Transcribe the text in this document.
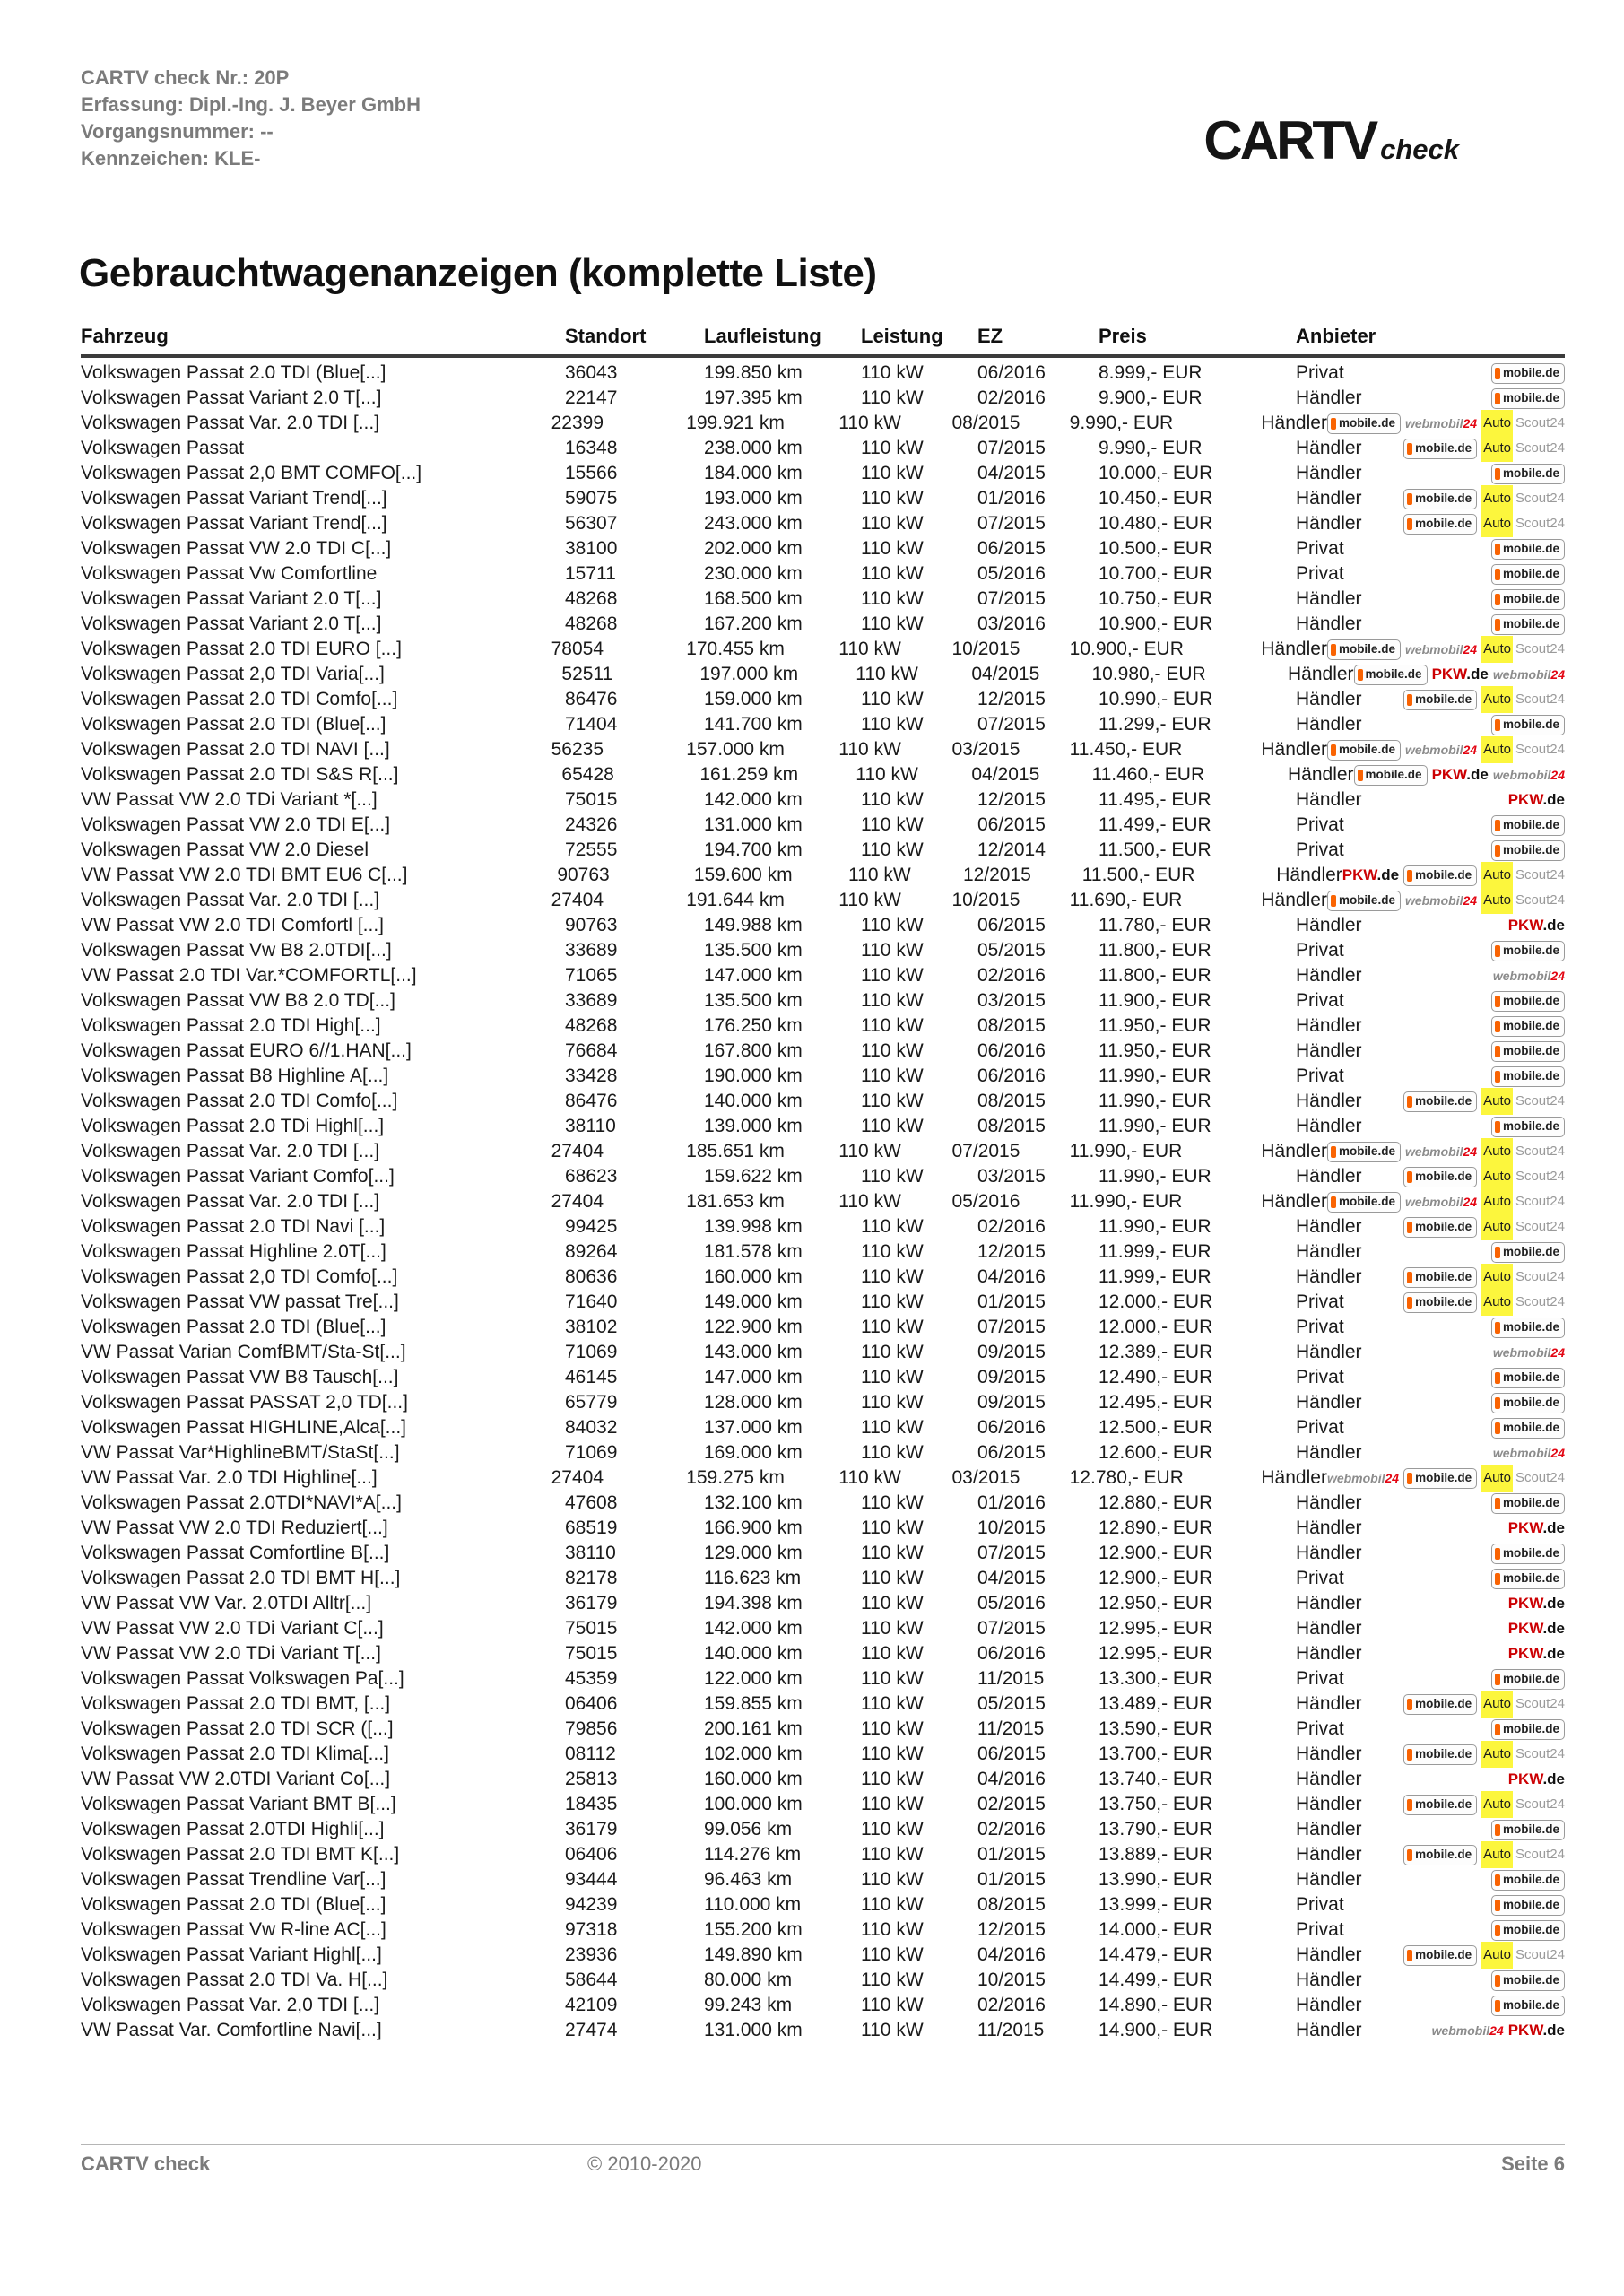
CARTV check Nr.: 20P
Erfassung: Dipl.-Ing. J. Beyer GmbH
Vorgangsnummer: --
Kennzeichen: KLE-	CARTV check
Gebrauchtwagenanzeigen (komplette Liste)
Fahrzeug	Standort	Laufleistung	Leistung	EZ	Preis	Anbieter
Volkswagen Passat 2.0 TDI (Blue[...]	36043	199.850 km	110 kW	06/2016	8.999,- EUR	Privat	mobile.de
Volkswagen Passat Variant 2.0 T[...]	22147	197.395 km	110 kW	02/2016	9.900,- EUR	Händler	mobile.de
Volkswagen Passat Var. 2.0 TDI [...]	22399	199.921 km	110 kW	08/2015	9.990,- EUR	Händler mobile.de webmobil24 Auto Scout24
Volkswagen Passat	16348	238.000 km	110 kW	07/2015	9.990,- EUR	Händler	mobile.de Auto Scout24
Volkswagen Passat 2,0 BMT COMFO[...]	15566	184.000 km	110 kW	04/2015	10.000,- EUR	Händler	mobile.de
Volkswagen Passat Variant Trend[...]	59075	193.000 km	110 kW	01/2016	10.450,- EUR	Händler	mobile.de Auto Scout24
Volkswagen Passat Variant Trend[...]	56307	243.000 km	110 kW	07/2015	10.480,- EUR	Händler	mobile.de Auto Scout24
Volkswagen Passat VW 2.0 TDI C[...]	38100	202.000 km	110 kW	06/2015	10.500,- EUR	Privat	mobile.de
Volkswagen Passat Vw Comfortline	15711	230.000 km	110 kW	05/2016	10.700,- EUR	Privat	mobile.de
Volkswagen Passat Variant 2.0 T[...]	48268	168.500 km	110 kW	07/2015	10.750,- EUR	Händler	mobile.de
Volkswagen Passat Variant 2.0 T[...]	48268	167.200 km	110 kW	03/2016	10.900,- EUR	Händler	mobile.de
Volkswagen Passat 2.0 TDI EURO [...]	78054	170.455 km	110 kW	10/2015	10.900,- EUR	Händler mobile.de webmobil24 Auto Scout24
Volkswagen Passat 2,0 TDI Varia[...]	52511	197.000 km	110 kW	04/2015	10.980,- EUR	Händler mobile.de PKW.de webmobil24
Volkswagen Passat 2.0 TDI Comfo[...]	86476	159.000 km	110 kW	12/2015	10.990,- EUR	Händler	mobile.de Auto Scout24
Volkswagen Passat 2.0 TDI (Blue[...]	71404	141.700 km	110 kW	07/2015	11.299,- EUR	Händler	mobile.de
Volkswagen Passat 2.0 TDI NAVI [...]	56235	157.000 km	110 kW	03/2015	11.450,- EUR	Händler mobile.de webmobil24 Auto Scout24
Volkswagen Passat 2.0 TDI S&S R[...]	65428	161.259 km	110 kW	04/2015	11.460,- EUR	Händler mobile.de PKW.de webmobil24
VW Passat VW 2.0 TDi Variant *[...]	75015	142.000 km	110 kW	12/2015	11.495,- EUR	Händler	PKW.de
Volkswagen Passat VW 2.0 TDI E[...]	24326	131.000 km	110 kW	06/2015	11.499,- EUR	Privat	mobile.de
Volkswagen Passat VW 2.0 Diesel	72555	194.700 km	110 kW	12/2014	11.500,- EUR	Privat	mobile.de
VW Passat VW 2.0 TDI BMT EU6 C[...]	90763	159.600 km	110 kW	12/2015	11.500,- EUR	Händler PKW.de mobile.de Auto Scout24
Volkswagen Passat Var. 2.0 TDI [...]	27404	191.644 km	110 kW	10/2015	11.690,- EUR	Händler mobile.de webmobil24 Auto Scout24
VW Passat VW 2.0 TDI Comfortl [...]	90763	149.988 km	110 kW	06/2015	11.780,- EUR	Händler	PKW.de
Volkswagen Passat Vw B8 2.0TDI[...]	33689	135.500 km	110 kW	05/2015	11.800,- EUR	Privat	mobile.de
VW Passat 2.0 TDI Var.*COMFORTL[...]	71065	147.000 km	110 kW	02/2016	11.800,- EUR	Händler	webmobil24
Volkswagen Passat VW B8 2.0 TD[...]	33689	135.500 km	110 kW	03/2015	11.900,- EUR	Privat	mobile.de
Volkswagen Passat 2.0 TDI High[...]	48268	176.250 km	110 kW	08/2015	11.950,- EUR	Händler	mobile.de
Volkswagen Passat EURO 6//1.HAN[...]	76684	167.800 km	110 kW	06/2016	11.950,- EUR	Händler	mobile.de
Volkswagen Passat B8 Highline A[...]	33428	190.000 km	110 kW	06/2016	11.990,- EUR	Privat	mobile.de
Volkswagen Passat 2.0 TDI Comfo[...]	86476	140.000 km	110 kW	08/2015	11.990,- EUR	Händler	mobile.de Auto Scout24
Volkswagen Passat 2.0 TDi Highl[...]	38110	139.000 km	110 kW	08/2015	11.990,- EUR	Händler	mobile.de
Volkswagen Passat Var. 2.0 TDI [...]	27404	185.651 km	110 kW	07/2015	11.990,- EUR	Händler mobile.de webmobil24 Auto Scout24
Volkswagen Passat Variant Comfo[...]	68623	159.622 km	110 kW	03/2015	11.990,- EUR	Händler	mobile.de Auto Scout24
Volkswagen Passat Var. 2.0 TDI [...]	27404	181.653 km	110 kW	05/2016	11.990,- EUR	Händler mobile.de webmobil24 Auto Scout24
Volkswagen Passat 2.0 TDI Navi [...]	99425	139.998 km	110 kW	02/2016	11.990,- EUR	Händler	mobile.de Auto Scout24
Volkswagen Passat Highline 2.0T[...]	89264	181.578 km	110 kW	12/2015	11.999,- EUR	Händler	mobile.de
Volkswagen Passat 2,0 TDI Comfo[...]	80636	160.000 km	110 kW	04/2016	11.999,- EUR	Händler	mobile.de Auto Scout24
Volkswagen Passat VW passat Tre[...]	71640	149.000 km	110 kW	01/2015	12.000,- EUR	Privat	mobile.de Auto Scout24
Volkswagen Passat 2.0 TDI (Blue[...]	38102	122.900 km	110 kW	07/2015	12.000,- EUR	Privat	mobile.de
VW Passat Varian ComfBMT/Sta-St[...]	71069	143.000 km	110 kW	09/2015	12.389,- EUR	Händler	webmobil24
Volkswagen Passat VW B8 Tausch[...]	46145	147.000 km	110 kW	09/2015	12.490,- EUR	Privat	mobile.de
Volkswagen Passat PASSAT 2,0 TD[...]	65779	128.000 km	110 kW	09/2015	12.495,- EUR	Händler	mobile.de
Volkswagen Passat HIGHLINE,Alca[...]	84032	137.000 km	110 kW	06/2016	12.500,- EUR	Privat	mobile.de
VW Passat Var*HighlineBMT/StaSt[...]	71069	169.000 km	110 kW	06/2015	12.600,- EUR	Händler	webmobil24
VW Passat Var. 2.0 TDI Highline[...]	27404	159.275 km	110 kW	03/2015	12.780,- EUR	Händler webmobil24 mobile.de Auto Scout24
Volkswagen Passat 2.0TDI*NAVI*A[...]	47608	132.100 km	110 kW	01/2016	12.880,- EUR	Händler	mobile.de
VW Passat VW 2.0 TDI Reduziert[...]	68519	166.900 km	110 kW	10/2015	12.890,- EUR	Händler	PKW.de
Volkswagen Passat Comfortline B[...]	38110	129.000 km	110 kW	07/2015	12.900,- EUR	Händler	mobile.de
Volkswagen Passat 2.0 TDI BMT H[...]	82178	116.623 km	110 kW	04/2015	12.900,- EUR	Privat	mobile.de
VW Passat VW Var. 2.0TDI Alltr[...]	36179	194.398 km	110 kW	05/2016	12.950,- EUR	Händler	PKW.de
VW Passat VW 2.0 TDi Variant C[...]	75015	142.000 km	110 kW	07/2015	12.995,- EUR	Händler	PKW.de
VW Passat VW 2.0 TDi Variant T[...]	75015	140.000 km	110 kW	06/2016	12.995,- EUR	Händler	PKW.de
Volkswagen Passat Volkswagen Pa[...]	45359	122.000 km	110 kW	11/2015	13.300,- EUR	Privat	mobile.de
Volkswagen Passat 2.0 TDI BMT, [...]	06406	159.855 km	110 kW	05/2015	13.489,- EUR	Händler	mobile.de Auto Scout24
Volkswagen Passat 2.0 TDI SCR ([...]	79856	200.161 km	110 kW	11/2015	13.590,- EUR	Privat	mobile.de
Volkswagen Passat 2.0 TDI Klima[...]	08112	102.000 km	110 kW	06/2015	13.700,- EUR	Händler	mobile.de Auto Scout24
VW Passat VW 2.0TDI Variant Co[...]	25813	160.000 km	110 kW	04/2016	13.740,- EUR	Händler	PKW.de
Volkswagen Passat Variant BMT B[...]	18435	100.000 km	110 kW	02/2015	13.750,- EUR	Händler	mobile.de Auto Scout24
Volkswagen Passat 2.0TDI Highli[...]	36179	99.056 km	110 kW	02/2016	13.790,- EUR	Händler	mobile.de
Volkswagen Passat 2.0 TDI BMT K[...]	06406	114.276 km	110 kW	01/2015	13.889,- EUR	Händler	mobile.de Auto Scout24
Volkswagen Passat Trendline Var[...]	93444	96.463 km	110 kW	01/2015	13.990,- EUR	Händler	mobile.de
Volkswagen Passat 2.0 TDI (Blue[...]	94239	110.000 km	110 kW	08/2015	13.999,- EUR	Privat	mobile.de
Volkswagen Passat Vw R-line AC[...]	97318	155.200 km	110 kW	12/2015	14.000,- EUR	Privat	mobile.de
Volkswagen Passat Variant Highl[...]	23936	149.890 km	110 kW	04/2016	14.479,- EUR	Händler	mobile.de Auto Scout24
Volkswagen Passat 2.0 TDI Va. H[...]	58644	80.000 km	110 kW	10/2015	14.499,- EUR	Händler	mobile.de
Volkswagen Passat Var. 2,0 TDI [...]	42109	99.243 km	110 kW	02/2016	14.890,- EUR	Händler	mobile.de
VW Passat Var. Comfortline Navi[...]	27474	131.000 km	110 kW	11/2015	14.900,- EUR	Händler	webmobil24 PKW.de
CARTV check	© 2010-2020	Seite 6
